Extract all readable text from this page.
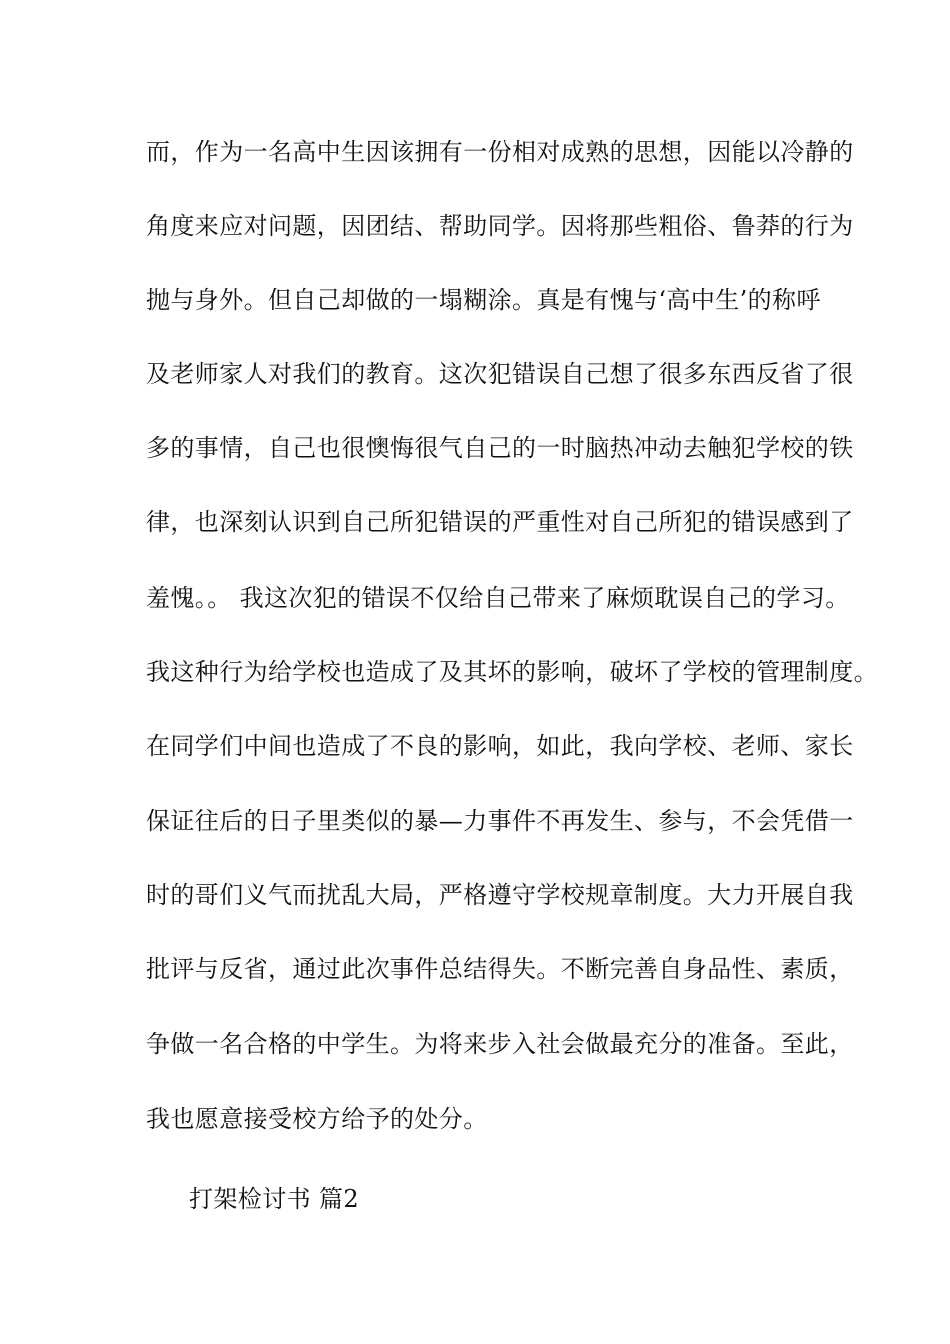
而，作为一名高中生因该拥有一份相对成熟的思想，因能以冷静的
角度来应对问题，因团结、帮助同学。因将那些粗俗、鲁莽的行为
抛与身外。但自己却做的一塌糊涂。真是有愧与‘高中生’的称呼
及老师家人对我们的教育。这次犯错误自己想了很多东西反省了很
多的事情，自己也很懊悔很气自己的一时脑热冲动去触犯学校的铁
律，也深刻认识到自己所犯错误的严重性对自己所犯的错误感到了
羞愧。。 我这次犯的错误不仅给自己带来了麻烦耽误自己的学习。
我这种行为给学校也造成了及其坏的影响，破坏了学校的管理制度。
在同学们中间也造成了不良的影响，如此，我向学校、老师、家长
保证往后的日子里类似的暴—力事件不再发生、参与，不会凭借一
时的哥们义气而扰乱大局，严格遵守学校规章制度。大力开展自我
批评与反省，通过此次事件总结得失。不断完善自身品性、素质，
争做一名合格的中学生。为将来步入社会做最充分的准备。至此，
我也愿意接受校方给予的处分。
打架检讨书 篇2
